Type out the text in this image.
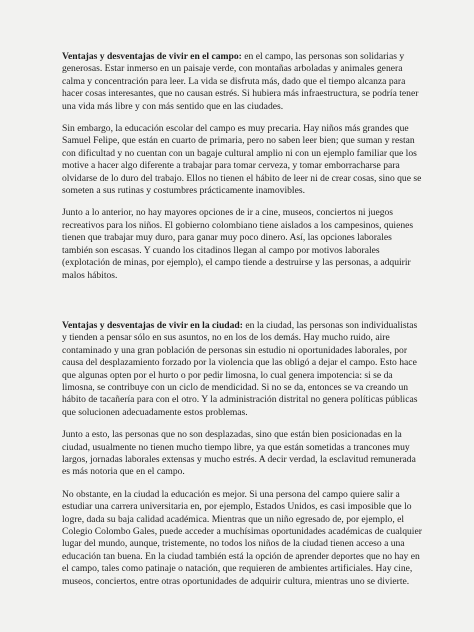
Ventajas y desventajas de vivir en el campo: en el campo, las personas son solidarias y generosas. Estar inmerso en un paisaje verde, con montañas arboladas y animales genera calma y concentración para leer. La vida se disfruta más, dado que el tiempo alcanza para hacer cosas interesantes, que no causan estrés. Si hubiera más infraestructura, se podría tener una vida más libre y con más sentido que en las ciudades.

Sin embargo, la educación escolar del campo es muy precaria. Hay niños más grandes que Samuel Felipe, que están en cuarto de primaria, pero no saben leer bien; que suman y restan con dificultad y no cuentan con un bagaje cultural amplio ni con un ejemplo familiar que los motive a hacer algo diferente a trabajar para tomar cerveza, y tomar emborracharse para olvidarse de lo duro del trabajo. Ellos no tienen el hábito de leer ni de crear cosas, sino que se someten a sus rutinas y costumbres prácticamente inamovibles.

Junto a lo anterior, no hay mayores opciones de ir a cine, museos, conciertos ni juegos recreativos para los niños. El gobierno colombiano tiene aislados a los campesinos, quienes tienen que trabajar muy duro, para ganar muy poco dinero. Así, las opciones laborales también son escasas. Y cuando los citadinos llegan al campo por motivos laborales (explotación de minas, por ejemplo), el campo tiende a destruirse y las personas, a adquirir malos hábitos.

Ventajas y desventajas de vivir en la ciudad: en la ciudad, las personas son individualistas y tienden a pensar sólo en sus asuntos, no en los de los demás. Hay mucho ruido, aire contaminado y una gran población de personas sin estudio ni oportunidades laborales, por causa del desplazamiento forzado por la violencia que las obligó a dejar el campo. Esto hace que algunas opten por el hurto o por pedir limosna, lo cual genera impotencia: si se da limosna, se contribuye con un ciclo de mendicidad. Si no se da, entonces se va creando un hábito de tacañería para con el otro. Y la administración distrital no genera políticas públicas que solucionen adecuadamente estos problemas.

Junto a esto, las personas que no son desplazadas, sino que están bien posicionadas en la ciudad, usualmente no tienen mucho tiempo libre, ya que están sometidas a trancones muy largos, jornadas laborales extensas y mucho estrés. A decir verdad, la esclavitud remunerada es más notoria que en el campo.

No obstante, en la ciudad la educación es mejor. Si una persona del campo quiere salir a estudiar una carrera universitaria en, por ejemplo, Estados Unidos, es casi imposible que lo logre, dada su baja calidad académica. Mientras que un niño egresado de, por ejemplo, el Colegio Colombo Gales, puede acceder a muchísimas oportunidades académicas de cualquier lugar del mundo, aunque, tristemente, no todos los niños de la ciudad tienen acceso a una educación tan buena. En la ciudad también está la opción de aprender deportes que no hay en el campo, tales como patinaje o natación, que requieren de ambientes artificiales. Hay cine, museos, conciertos, entre otras oportunidades de adquirir cultura, mientras uno se divierte.
